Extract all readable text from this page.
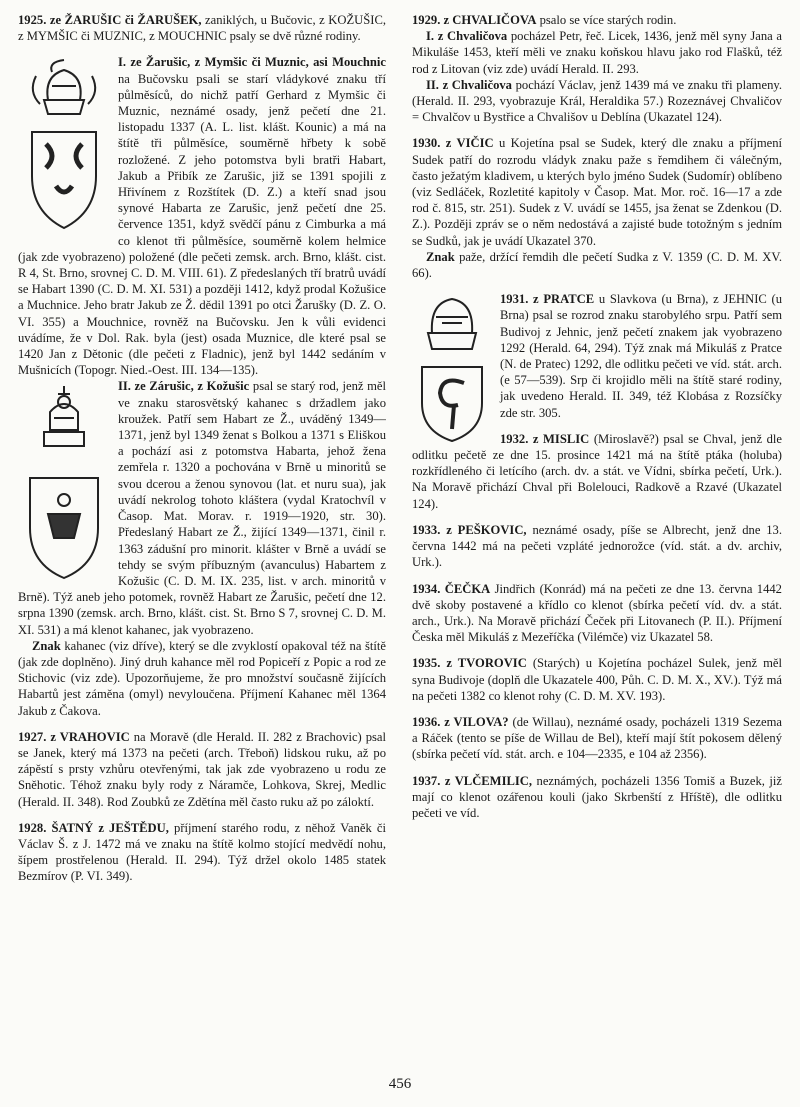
1925. ze ŽARUŠIC či ŽARUŠEK, zaniklých, u Bučovic, z KOŽUŠIC, z MYMŠIC či MUZNIC, z MOUCHNIC psaly se dvě různé rodiny.

I. ze Žarušic, z Mymšic či Muznic, asi Mouchnic na Bučovsku psali se starí vládykové znaku tří půlměsíců, do nichž patří Gerhard z Mymšic či Muznic, neznámé osady, jenž pečetí dne 21. listopadu 1337 (A. L. list. klášt. Kounic) a má na štítě tři půlměsíce, souměrně hřbety k sobě rozložené. Z jeho potomstva byli bratři Habart, Jakub a Přibík ze Zarušic, již se 1391 spojili z Hřivínem z Rozštítek (D. Z.) a kteří snad jsou synové Habarta ze Zarušic, jenž pečetí dne 25. července 1351, když svědčí pánu z Cimburka a má co klenot tři půlměsíce, souměrně kolem helmice (jak zde vyobrazeno) položené (dle pečeti zemsk. arch. Brno, klášt. cist. R 4, St. Brno, srovnej C. D. M. VIII. 61). Z předeslaných tří bratrů uvádí se Habart 1390 (C. D. M. XI. 531) a později 1412, když prodal Kožušice a Muchnice. Jeho bratr Jakub ze Ž. dědil 1391 po otci Žarušky (D. Z. O. VI. 355) a Mouchnice, rovněž na Bučovsku. Jen k vůli evidenci uvádíme, že v Dol. Rak. byla (jest) osada Muznice, dle které psal se 1420 Jan z Dětonic (dle pečeti z Fladnic), jenž byl 1442 sedáním v Mušnicích (Topogr. Nied.-Oest. III. 134—135).

II. ze Zárušic, z Kožušic psal se starý rod, jenž měl ve znaku starosvětský kahanec s držadlem jako kroužek. Patří sem Habart ze Ž., uváděný 1349—1371, jenž byl 1349 ženat s Bolkou a 1371 s Eliškou a pochází asi z potomstva Habarta, jehož žena zemřela r. 1320 a pochována v Brně u minoritů se svou dcerou a ženou synovou (lat. et nuru sua), jak uvádí nekrolog tohoto kláštera (vydal Kratochvíl v Časop. Mat. Morav. r. 1919—1920, str. 30). Předeslaný Habart ze Ž., žijící 1349—1371, činil r. 1363 zádušní pro minorit. klášter v Brně a uvádí se tehdy se svým příbuzným (avanculus) Habartem z Kožušic (C. D. M. IX. 235, list. v arch. minoritů v Brně). Týž aneb jeho potomek, rovněž Habart ze Žarušic, pečetí dne 12. srpna 1390 (zemsk. arch. Brno, klášt. cist. St. Brno S 7, srovnej C. D. M. XI. 531) a má klenot kahanec, jak vyobrazeno.

Znak kahanec (viz dříve), který se dle zvyklostí opakoval též na štítě (jak zde doplněno). Jiný druh kahance měl rod Popiceří z Popic a rod ze Stichovic (viz zde). Upozorňujeme, že pro množství současně žijících Habartů jest záměna (omyl) nevyloučena. Příjmení Kahanec měl 1364 Jakub z Čakova.

1927. z VRAHOVIC na Moravě (dle Herald. II. 282 z Brachovic) psal se Janek, který má 1373 na pečeti (arch. Třeboň) lidskou ruku, až po zápěstí s prsty vzhůru otevřenými, tak jak zde vyobrazeno u rodu ze Sněhotic. Téhož znaku byly rody z Náramče, Lohkova, Skrej, Medlic (Herald. II. 348). Rod Zoubků ze Zdětína měl často ruku až po záloktí.

1928. ŠATNÝ z JEŠTĚDU, příjmení starého rodu, z něhož Vaněk či Václav Š. z J. 1472 má ve znaku na štítě kolmo stojící medvědí nohu, šípem prostřelenou (Herald. II. 294). Týž držel okolo 1485 statek Bezmírov (P. VI. 349).

1929. z CHVALIČOVA psalo se více starých rodin.

I. z Chvaličova pocházel Petr, řeč. Licek, 1436, jenž měl syny Jana a Mikuláše 1453, kteří měli ve znaku koňskou hlavu jako rod Flašků, též rod z Litovan (viz zde) uvádí Herald. II. 293.

II. z Chvaličova pochází Václav, jenž 1439 má ve znaku tři plameny. (Herald. II. 293, vyobrazuje Král, Heraldika 57.) Rozeznávej Chvaličov = Chvalčov u Bystřice a Chvališov u Deblína (Ukazatel 124).

1930. z VIČIC u Kojetína psal se Sudek, který dle znaku a příjmení Sudek patří do rozrodu vládyk znaku paže s řemdihem či válečným, často ježatým kladivem, u kterých bylo jméno Sudek (Sudomír) oblíbeno (viz Sedláček, Rozletité kapitoly v Časop. Mat. Mor. roč. 16—17 a zde rod č. 815, str. 251). Sudek z V. uvádí se 1455, jsa ženat se Zdenkou (D. Z.). Později zpráv se o něm nedostává a zajisté bude totožným s jedním se Sudků, jak je uvádí Ukazatel 370.

Znak paže, držící řemdih dle pečetí Sudka z V. 1359 (C. D. M. XV. 66).

1931. z PRATCE u Slavkova (u Brna), z JEHNIC (u Brna) psal se rozrod znaku starobylého srpu. Patří sem Budivoj z Jehnic, jenž pečetí znakem jak vyobrazeno 1292 (Herald. 64, 294). Týž znak má Mikuláš z Pratce (N. de Pratec) 1292, dle odlitku pečeti ve víd. stát. arch. (e 57—539). Srp či krojidlo měli na štítě staré rodiny, jak uvedeno Herald. II. 349, též Klobása z Rozsíčky zde str. 305.

1932. z MISLIC (Miroslavě?) psal se Chval, jenž dle odlitku pečetě ze dne 15. prosince 1421 má na štítě ptáka (holuba) rozkřídleného či letícího (arch. dv. a stát. ve Vídni, sbírka pečetí, Urk.). Na Moravě přichází Chval při Bolelouci, Radkově a Rzavé (Ukazatel 124).

1933. z PEŠKOVIC, neznámé osady, píše se Albrecht, jenž dne 13. června 1442 má na pečeti vzpláté jednorožce (víd. stát. a dv. archiv, Urk.).

1934. ČEČKA Jindřich (Konrád) má na pečeti ze dne 13. června 1442 dvě skoby postavené a křídlo co klenot (sbírka pečetí víd. dv. a stát. arch., Urk.). Na Moravě přichází Čeček při Litovanech (P. II.). Příjmení Česka měl Mikuláš z Mezeříčka (Vilémče) viz Ukazatel 58.

1935. z TVOROVIC (Starých) u Kojetína pocházel Sulek, jenž měl syna Budivoje (doplň dle Ukazatele 400, Půh. C. D. M. X., XV.). Týž má na pečeti 1382 co klenot rohy (C. D. M. XV. 193).

1936. z VILOVA? (de Willau), neznámé osady, pocházeli 1319 Sezema a Ráček (tento se píše de Willau de Bel), kteří mají štít pokosem dělený (sbírka pečetí víd. stát. arch. e 104—2335, e 104 až 2356).

1937. z VLČEMILIC, neznámých, pocházeli 1356 Tomiš a Buzek, již mají co klenot ozářenou kouli (jako Skrbenští z Hříště), dle odlitku pečeti ve víd.

456
